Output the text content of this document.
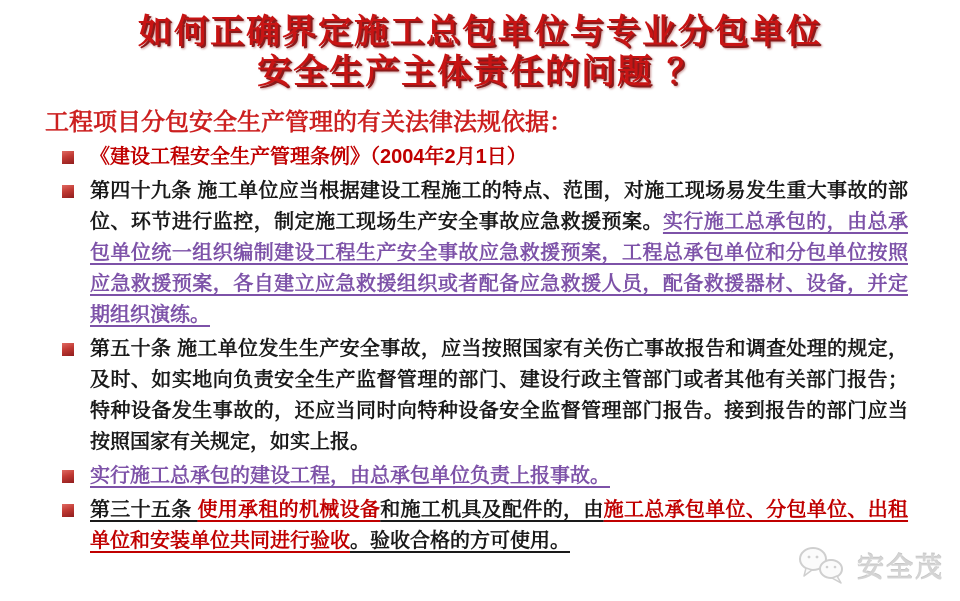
如何正确界定施工总包单位与专业分包单位
安全生产主体责任的问题 ？
工程项目分包安全生产管理的有关法律法规依据：
《建设工程安全生产管理条例》（2004年2月1日）
第四十九条 施工单位应当根据建设工程施工的特点、范围，对施工现场易发生重大事故的部位、环节进行监控，制定施工现场生产安全事故应急救援预案。实行施工总承包的，由总承包单位统一组织编制建设工程生产安全事故应急救援预案，工程总承包单位和分包单位按照应急救援预案，各自建立应急救援组织或者配备应急救援人员，配备救援器材、设备，并定期组织演练。
第五十条 施工单位发生生产安全事故，应当按照国家有关伤亡事故报告和调查处理的规定，及时、如实地向负责安全生产监督管理的部门、建设行政主管部门或者其他有关部门报告；特种设备发生事故的，还应当同时向特种设备安全监督管理部门报告。接到报告的部门应当按照国家有关规定，如实上报。
实行施工总承包的建设工程，由总承包单位负责上报事故。
第三十五条 使用承租的机械设备和施工机具及配件的，由施工总承包单位、分包单位、出租单位和安装单位共同进行验收。验收合格的方可使用。
安全茂
